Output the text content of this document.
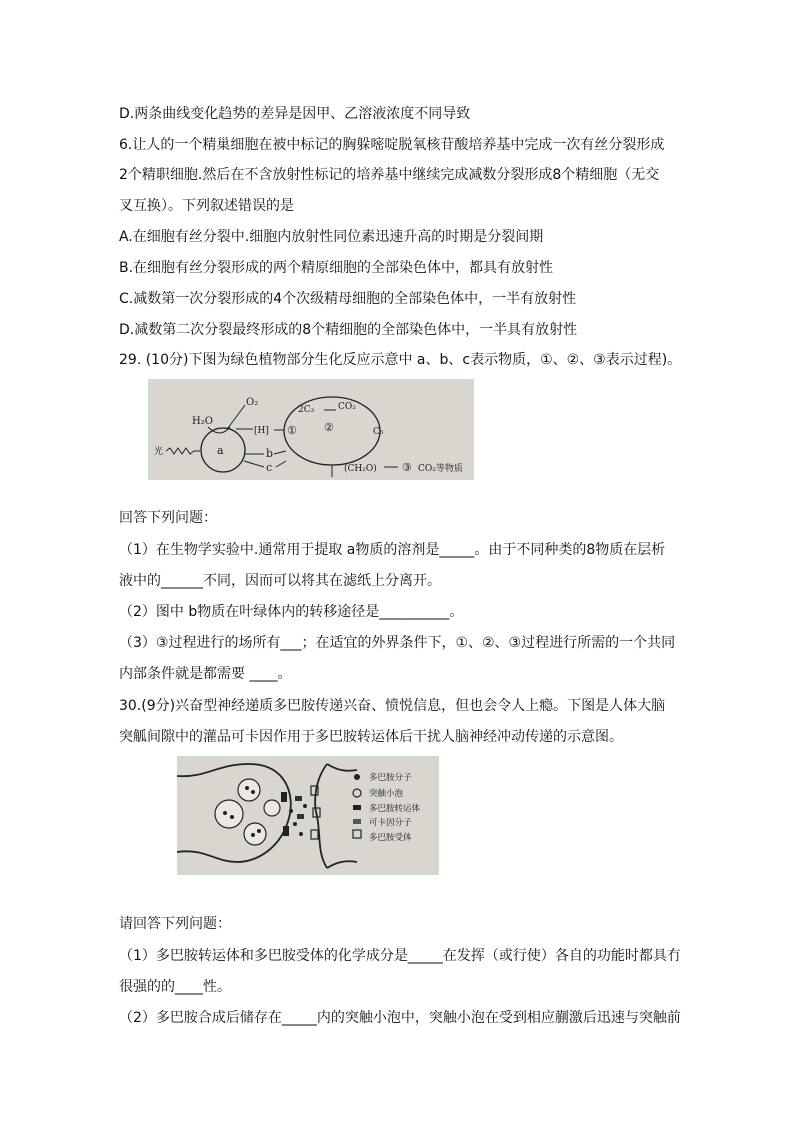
D.两条曲线变化趋势的差异是因甲、乙溶液浓度不同导致
6.让人的一个精巢细胞在被中标记的胸躲嘧啶脱氧核苷酸培养基中完成一次有丝分裂形成
2个精职细胞.然后在不含放射性标记的培养基中继续完成减数分裂形成8个精细胞（无交
叉互换）。下列叙述错误的是
A.在细胞有丝分裂中.细胞内放射性同位素迅速升高的时期是分裂间期
B.在细胞有丝分裂形成的两个精原细胞的全部染色体中，都具有放射性
C.减数第一次分裂形成的4个次级精母细胞的全部染色体中，一半有放射性
D.减数第二次分裂最终形成的8个精细胞的全部染色体中，一半具有放射性
29. (10分)下图为绿色植物部分生化反应示意中 a、b、c表示物质，①、②、③表示过程)。
光	a
H₂O
O₂
[H]
b
c
① ②
2C₃	CO₂
C₅
(CH₂O) ③ CO₂等物质
回答下列问题：
（1）在生物学实验中.通常用于提取 a物质的溶剂是_____。由于不同种类的8物质在层析
液中的______不同，因而可以将其在滤纸上分离开。
（2）图中 b物质在叶绿体内的转移途径是__________。
（3）③过程进行的场所有___；在适宜的外界条件下，①、②、③过程进行所需的一个共同
内部条件就是都需要 ____。
30.(9分)兴奋型神经递质多巴胺传递兴奋、愤悦信息，但也会令人上瘾。下图是人体大脑
突觚间隙中的灌品可卡因作用于多巴胺转运体后干扰人脑神经冲动传递的示意图。
多巴胺分子
突触小泡
多巴胺转运体
可卡因分子
多巴胺受体
请回答下列问题：
（1）多巴胺转运体和多巴胺受体的化学成分是_____在发挥（或行使）各自的功能时都具冇
很强的的____性。
（2）多巴胺合成后储存在_____内的突触小泡中，突触小泡在受到相应蒯激后迅速与突触前
